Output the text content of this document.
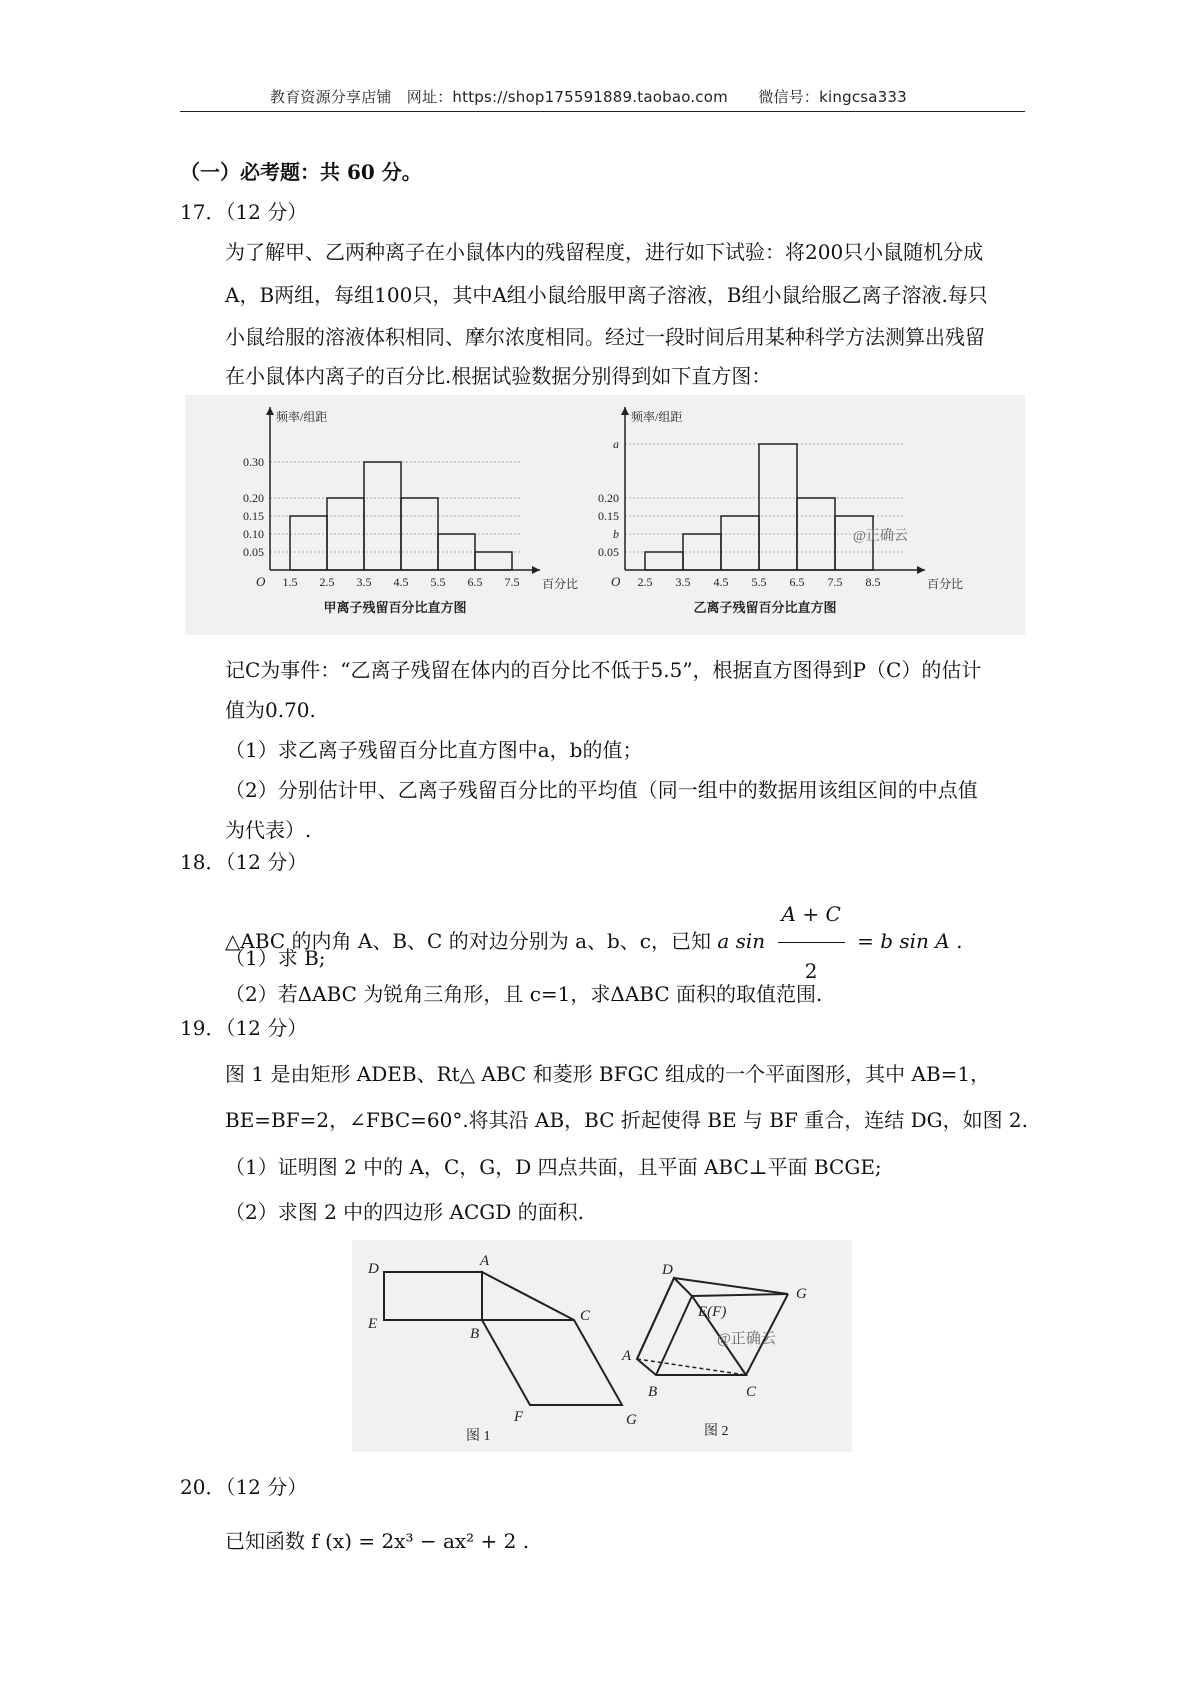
教育资源分享店铺　网址：https://shop175591889.taobao.com　　微信号：kingcsa333
（一）必考题：共 60 分。
17．（12 分）
为了解甲、乙两种离子在小鼠体内的残留程度，进行如下试验：将200只小鼠随机分成
A，B两组，每组100只，其中A组小鼠给服甲离子溶液，B组小鼠给服乙离子溶液.每只
小鼠给服的溶液体积相同、摩尔浓度相同。经过一段时间后用某种科学方法测算出残留
在小鼠体内离子的百分比.根据试验数据分别得到如下直方图：
0.05
0.10
0.15
0.20
0.30
1.5 2.5 3.5 4.5 5.5 6.5 7.5
O	百分比
频率/组距
甲离子残留百分比直方图
0.05
b
0.15
0.20
a
2.5 3.5 4.5 5.5 6.5 7.5 8.5
O	百分比
频率/组距
乙离子残留百分比直方图
@正确云
记C为事件：“乙离子残留在体内的百分比不低于5.5”，根据直方图得到P（C）的估计
值为0.70.
（1）求乙离子残留百分比直方图中a，b的值；
（2）分别估计甲、乙离子残留百分比的平均值（同一组中的数据用该组区间的中点值
为代表）.
18．（12 分）
△ABC 的内角 A、B、C 的对边分别为 a、b、c，已知 a $\sin \frac{A + C}{2} = b$ sin A .
（1）求 B;
（2）若ΔABC 为锐角三角形，且 c=1，求ΔABC 面积的取值范围.
19．（12 分）
图 1 是由矩形 ADEB、Rt△ ABC 和菱形 BFGC 组成的一个平面图形，其中 AB=1，
BE=BF=2，∠FBC=60°.将其沿 AB，BC 折起使得 BE 与 BF 重合，连结 DG，如图 2.
（1）证明图 2 中的 A，C，G，D 四点共面，且平面 ABC⊥平面 BCGE;
（2）求图 2 中的四边形 ACGD 的面积.
D	A
E
B
C
F	G
图 1
D
G
E(F)
A
B	C
@正确云
图 2
20．（12 分）
已知函数 f (x) = 2x³ − ax² + 2 .
